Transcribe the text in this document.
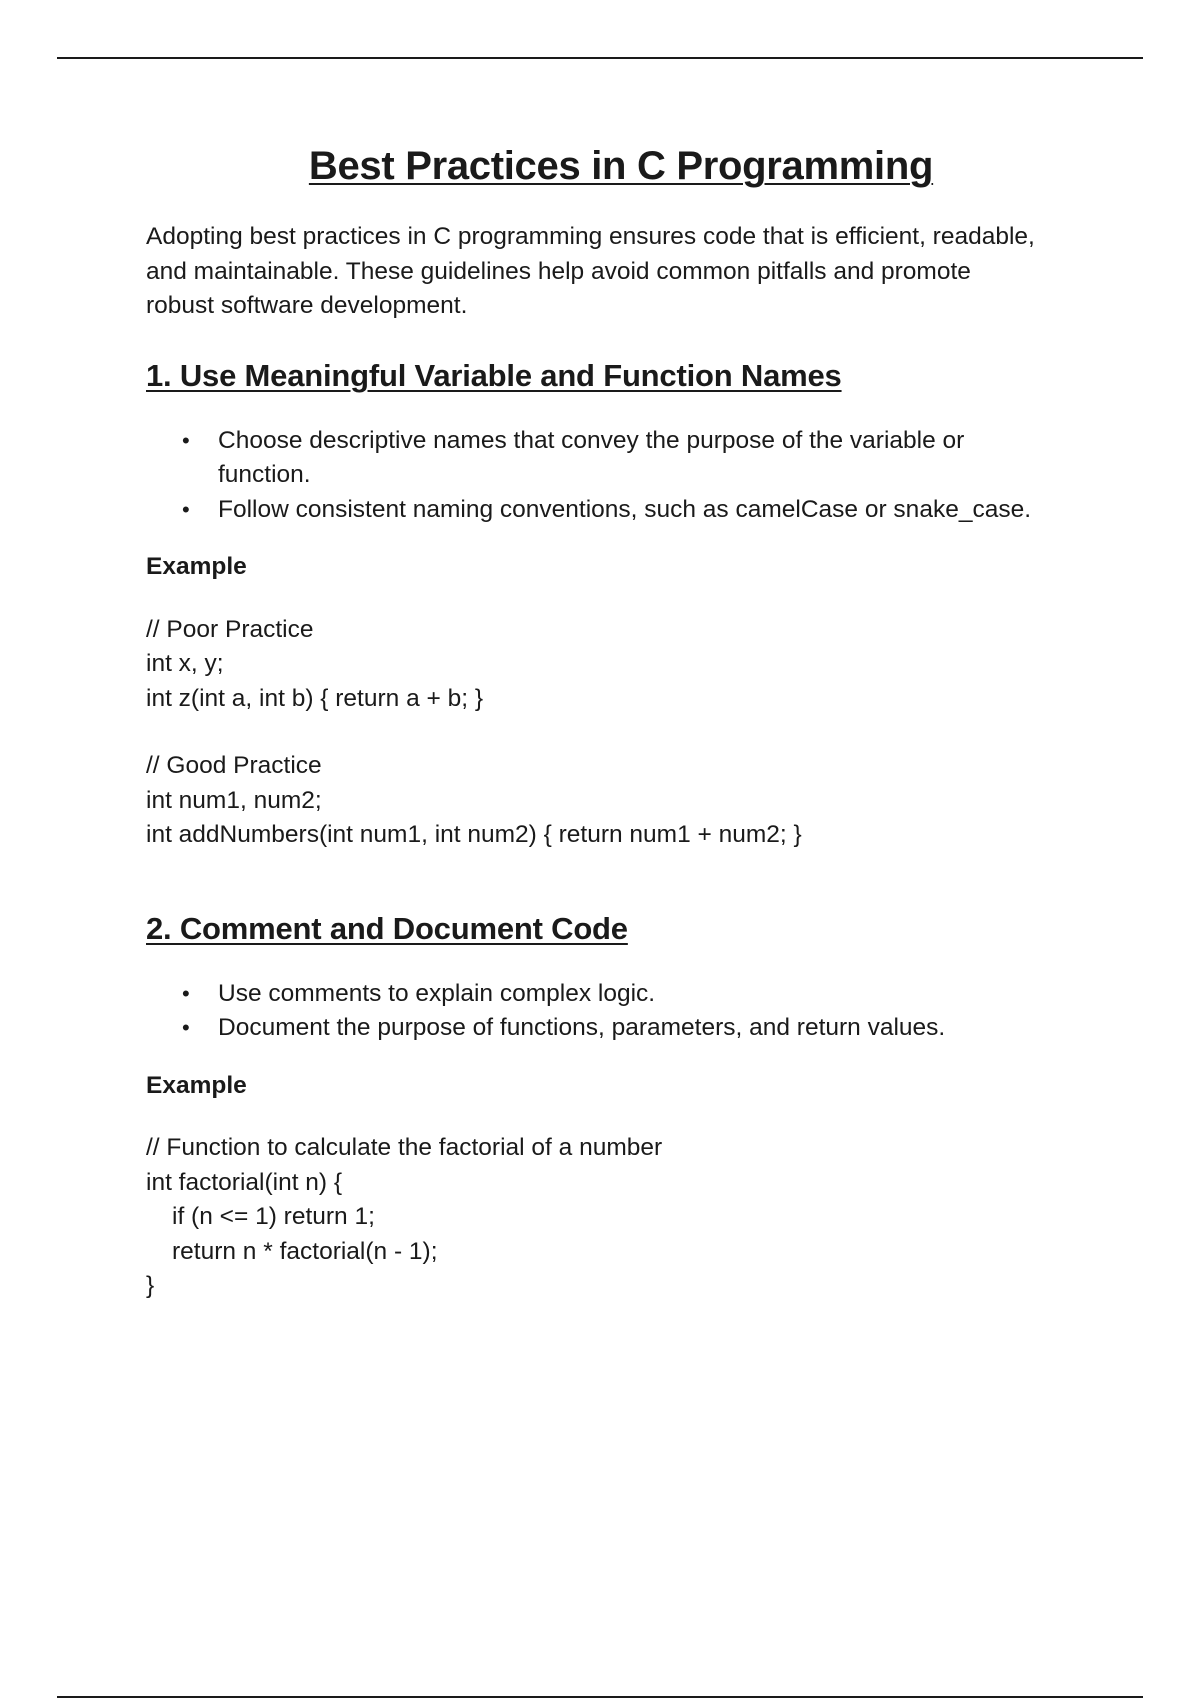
Best Practices in C Programming

Adopting best practices in C programming ensures code that is efficient, readable,
and maintainable. These guidelines help avoid common pitfalls and promote
robust software development.

1. Use Meaningful Variable and Function Names
• Choose descriptive names that convey the purpose of the variable or
function.
• Follow consistent naming conventions, such as camelCase or snake_case.

Example

// Poor Practice
int x, y;
int z(int a, int b) { return a + b; }
// Good Practice
int num1, num2;
int addNumbers(int num1, int num2) { return num1 + num2; }
2. Comment and Document Code
• Use comments to explain complex logic.
• Document the purpose of functions, parameters, and return values.

Example

// Function to calculate the factorial of a number
int factorial(int n) {
if (n <= 1) return 1;
return n * factorial(n - 1);
}
